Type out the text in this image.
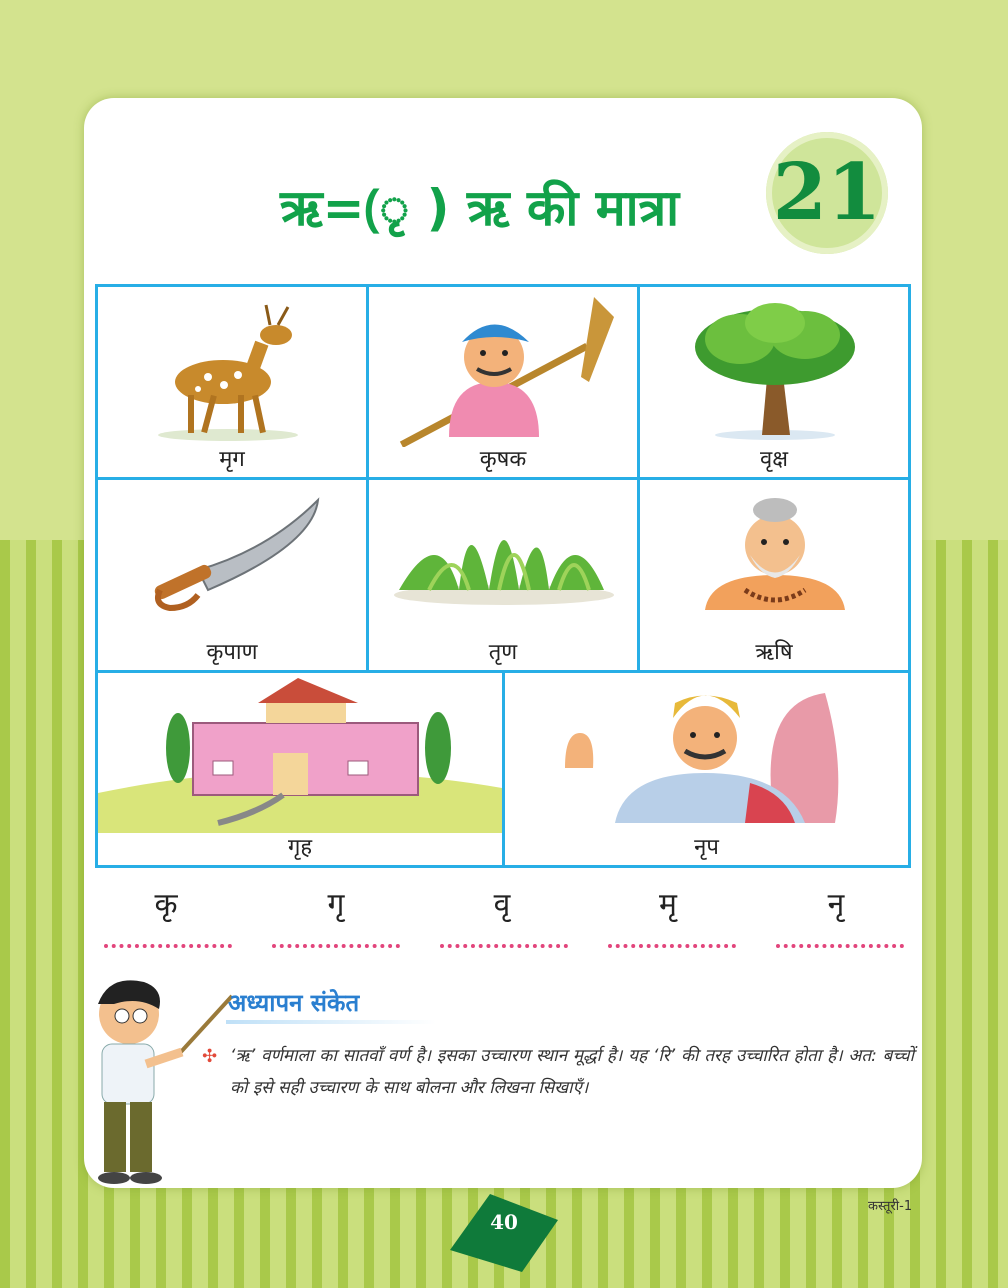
ऋ=(ृ ) ऋ की मात्रा	21
मृग	कृषक	वृक्ष
कृपाण	तृण	ऋषि
गृह	नृप
कृ	गृ	वृ	मृ	नृ
अध्यापन संकेत
✣ ‘ऋ’ वर्णमाला का सातवाँ वर्ण है। इसका उच्चारण स्थान मूर्द्धा है। यह ‘रि’ की तरह उच्चारित होता है। अत: बच्चों को इसे सही उच्चारण के साथ बोलना और लिखना सिखाएँ।
40
कस्तूरी-1
